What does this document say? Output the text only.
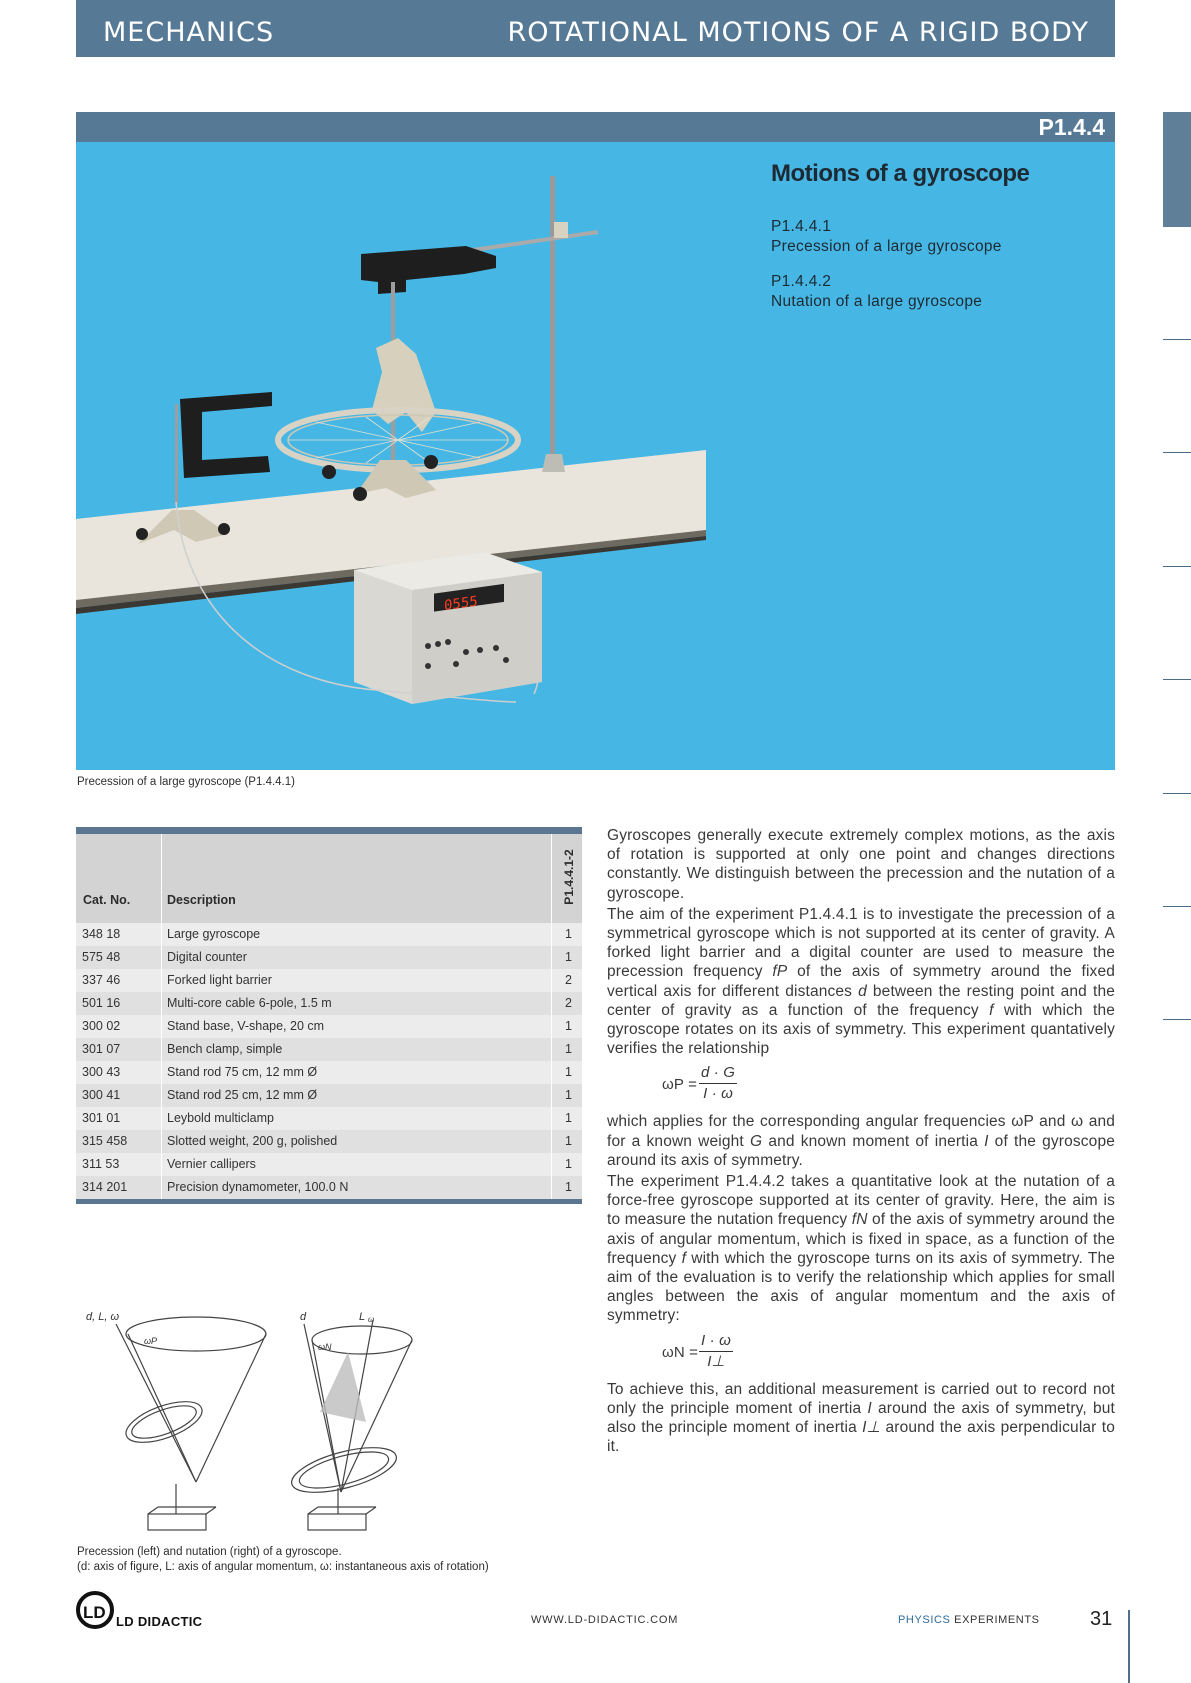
MECHANICS	ROTATIONAL MOTIONS OF A RIGID BODY
P1.4.4
0555
Motions of a gyroscope
P1.4.4.1
Precession of a large gyroscope
P1.4.4.2
Nutation of a large gyroscope
Precession of a large gyroscope (P1.4.4.1)
Cat. No.	Description	P1.4.4.1-2
348 18	Large gyroscope	1
575 48	Digital counter	1
337 46	Forked light barrier	2
501 16	Multi-core cable 6-pole, 1.5 m	2
300 02	Stand base, V-shape, 20 cm	1
301 07	Bench clamp, simple	1
300 43	Stand rod 75 cm, 12 mm Ø	1
300 41	Stand rod 25 cm, 12 mm Ø	1
301 01	Leybold multiclamp	1
315 458	Slotted weight, 200 g, polished	1
311 53	Vernier callipers	1
314 201	Precision dynamometer, 100.0 N	1
d, L, ω
ωP
d	L ω
ωN
Precession (left) and nutation (right) of a gyroscope.
(d: axis of figure, L: axis of angular momentum, ω: instantaneous axis of rotation)

Gyroscopes generally execute extremely complex motions, as the axis of rotation is supported at only one point and changes directions constantly. We distinguish between the precession and the nutation of a gyroscope.

The aim of the experiment P1.4.4.1 is to investigate the precession of a symmetrical gyroscope which is not supported at its center of gravity. A forked light barrier and a digital counter are used to measure the precession frequency fP of the axis of symmetry around the fixed vertical axis for different distances d between the resting point and the center of gravity as a function of the frequency f with which the gyroscope rotates on its axis of symmetry. This experiment quantatively verifies the relationship

$\omega P = \frac{d \cdot G}{I \cdot \omega}$

which applies for the corresponding angular frequencies ωP and ω and for a known weight G and known moment of inertia I of the gyroscope around its axis of symmetry.

The experiment P1.4.4.2 takes a quantitative look at the nutation of a force-free gyroscope supported at its center of gravity. Here, the aim is to measure the nutation frequency fN of the axis of symmetry around the axis of angular momentum, which is fixed in space, as a function of the frequency f with which the gyroscope turns on its axis of symmetry. The aim of the evaluation is to verify the relationship which applies for small angles between the axis of angular momentum and the axis of symmetry:

$\omega N = \frac{I \cdot \omega}{I\perp}$

To achieve this, an additional measurement is carried out to record not only the principle moment of inertia I around the axis of symmetry, but also the principle moment of inertia I⊥ around the axis perpendicular to it.

LD LD DIDACTIC	WWW.LD-DIDACTIC.COM	PHYSICS EXPERIMENTS	31
